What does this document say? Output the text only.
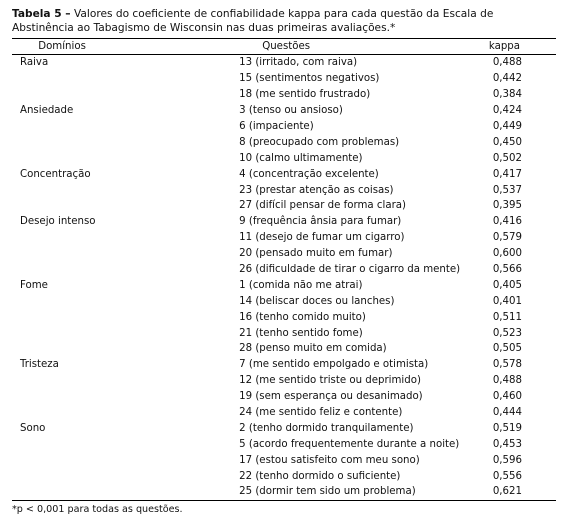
Tabela 5 – Valores do coeficiente de confiabilidade kappa para cada questão da Escala de Abstinência ao Tabagismo de Wisconsin nas duas primeiras avaliações.*
Domínios	Questões	kappa
Raiva	13 (irritado, com raiva)	0,488
	15 (sentimentos negativos)	0,442
	18 (me sentido frustrado)	0,384
Ansiedade	3 (tenso ou ansioso)	0,424
	6 (impaciente)	0,449
	8 (preocupado com problemas)	0,450
	10 (calmo ultimamente)	0,502
Concentração	4 (concentração excelente)	0,417
	23 (prestar atenção as coisas)	0,537
	27 (difícil pensar de forma clara)	0,395
Desejo intenso	9 (frequência ânsia para fumar)	0,416
	11 (desejo de fumar um cigarro)	0,579
	20 (pensado muito em fumar)	0,600
	26 (dificuldade de tirar o cigarro da mente)	0,566
Fome	1 (comida não me atrai)	0,405
	14 (beliscar doces ou lanches)	0,401
	16 (tenho comido muito)	0,511
	21 (tenho sentido fome)	0,523
	28 (penso muito em comida)	0,505
Tristeza	7 (me sentido empolgado e otimista)	0,578
	12 (me sentido triste ou deprimido)	0,488
	19 (sem esperança ou desanimado)	0,460
	24 (me sentido feliz e contente)	0,444
Sono	2 (tenho dormido tranquilamente)	0,519
	5 (acordo frequentemente durante a noite)	0,453
	17 (estou satisfeito com meu sono)	0,596
	22 (tenho dormido o suficiente)	0,556
	25 (dormir tem sido um problema)	0,621
*p < 0,001 para todas as questões.
